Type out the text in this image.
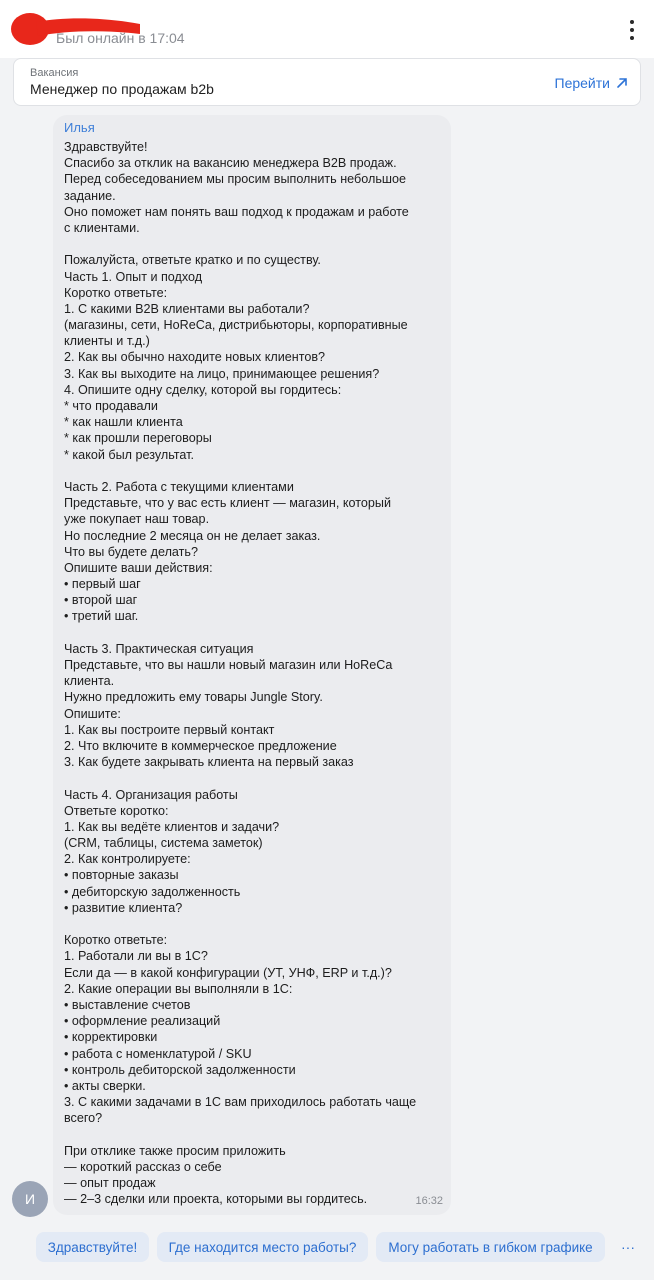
Был онлайн в 17:04
Вакансия
Менеджер по продажам b2b	Перейти
Илья
Здравствуйте!
Спасибо за отклик на вакансию менеджера B2B продаж.
Перед собеседованием мы просим выполнить небольшое
задание.
Оно поможет нам понять ваш подход к продажам и работе
с клиентами.
Пожалуйста, ответьте кратко и по существу.
Часть 1. Опыт и подход
Коротко ответьте:
1. С какими B2B клиентами вы работали?
(магазины, сети, HoReCa, дистрибьюторы, корпоративные
клиенты и т.д.)
2. Как вы обычно находите новых клиентов?
3. Как вы выходите на лицо, принимающее решения?
4. Опишите одну сделку, которой вы гордитесь:
* что продавали
* как нашли клиента
* как прошли переговоры
* какой был результат.
Часть 2. Работа с текущими клиентами
Представьте, что у вас есть клиент — магазин, который
уже покупает наш товар.
Но последние 2 месяца он не делает заказ.
Что вы будете делать?
Опишите ваши действия:
• первый шаг
• второй шаг
• третий шаг.
Часть 3. Практическая ситуация
Представьте, что вы нашли новый магазин или HoReCa
клиента.
Нужно предложить ему товары Jungle Story.
Опишите:
1. Как вы построите первый контакт
2. Что включите в коммерческое предложение
3. Как будете закрывать клиента на первый заказ
Часть 4. Организация работы
Ответьте коротко:
1. Как вы ведёте клиентов и задачи?
(CRM, таблицы, система заметок)
2. Как контролируете:
• повторные заказы
• дебиторскую задолженность
• развитие клиента?
Коротко ответьте:
1. Работали ли вы в 1С?
Если да — в какой конфигурации (УТ, УНФ, ERP и т.д.)?
2. Какие операции вы выполняли в 1С:
• выставление счетов
• оформление реализаций
• корректировки
• работа с номенклатурой / SKU
• контроль дебиторской задолженности
• акты сверки.
3. С какими задачами в 1С вам приходилось работать чаще
всего?
При отклике также просим приложить
— короткий рассказ о себе
— опыт продаж
— 2–3 сделки или проекта, которыми вы гордитесь.	16:32
И
Здравствуйте!	Где находится место работы?	Могу работать в гибком графике	···
